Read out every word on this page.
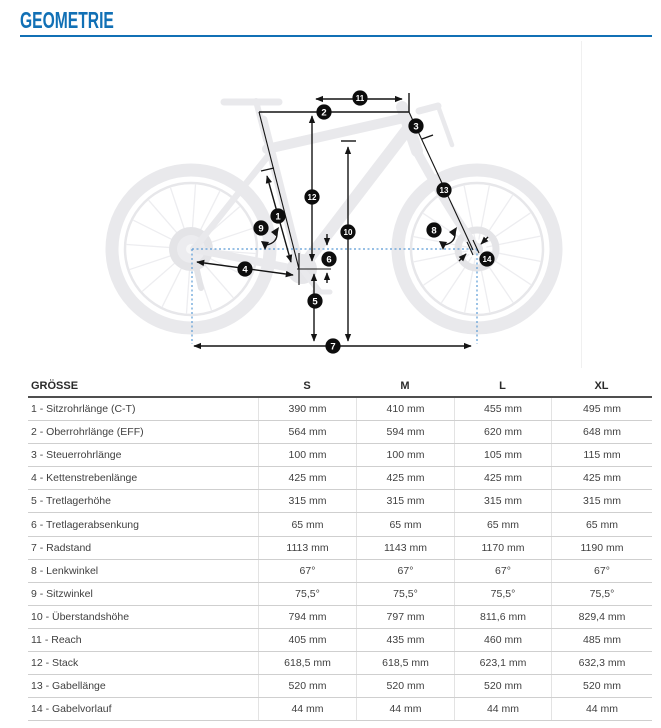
GEOMETRIE
1
2
3
4
5
6
7
8
9	10
11
12
13
14
GRÖSSE	S	M	L	XL
1 - Sitzrohrlänge (C-T)	390 mm	410 mm	455 mm	495 mm
2 - Oberrohrlänge (EFF)	564 mm	594 mm	620 mm	648 mm
3 - Steuerrohrlänge	100 mm	100 mm	105 mm	115 mm
4 - Kettenstrebenlänge	425 mm	425 mm	425 mm	425 mm
5 - Tretlagerhöhe	315 mm	315 mm	315 mm	315 mm
6 - Tretlagerabsenkung	65 mm	65 mm	65 mm	65 mm
7 - Radstand	1113 mm	1143 mm	1170 mm	1190 mm
8 - Lenkwinkel	67°	67°	67°	67°
9 - Sitzwinkel	75,5°	75,5°	75,5°	75,5°
10 - Überstandshöhe	794 mm	797 mm	811,6 mm	829,4 mm
11 - Reach	405 mm	435 mm	460 mm	485 mm
12 - Stack	618,5 mm	618,5 mm	623,1 mm	632,3 mm
13 - Gabellänge	520 mm	520 mm	520 mm	520 mm
14 - Gabelvorlauf	44 mm	44 mm	44 mm	44 mm
